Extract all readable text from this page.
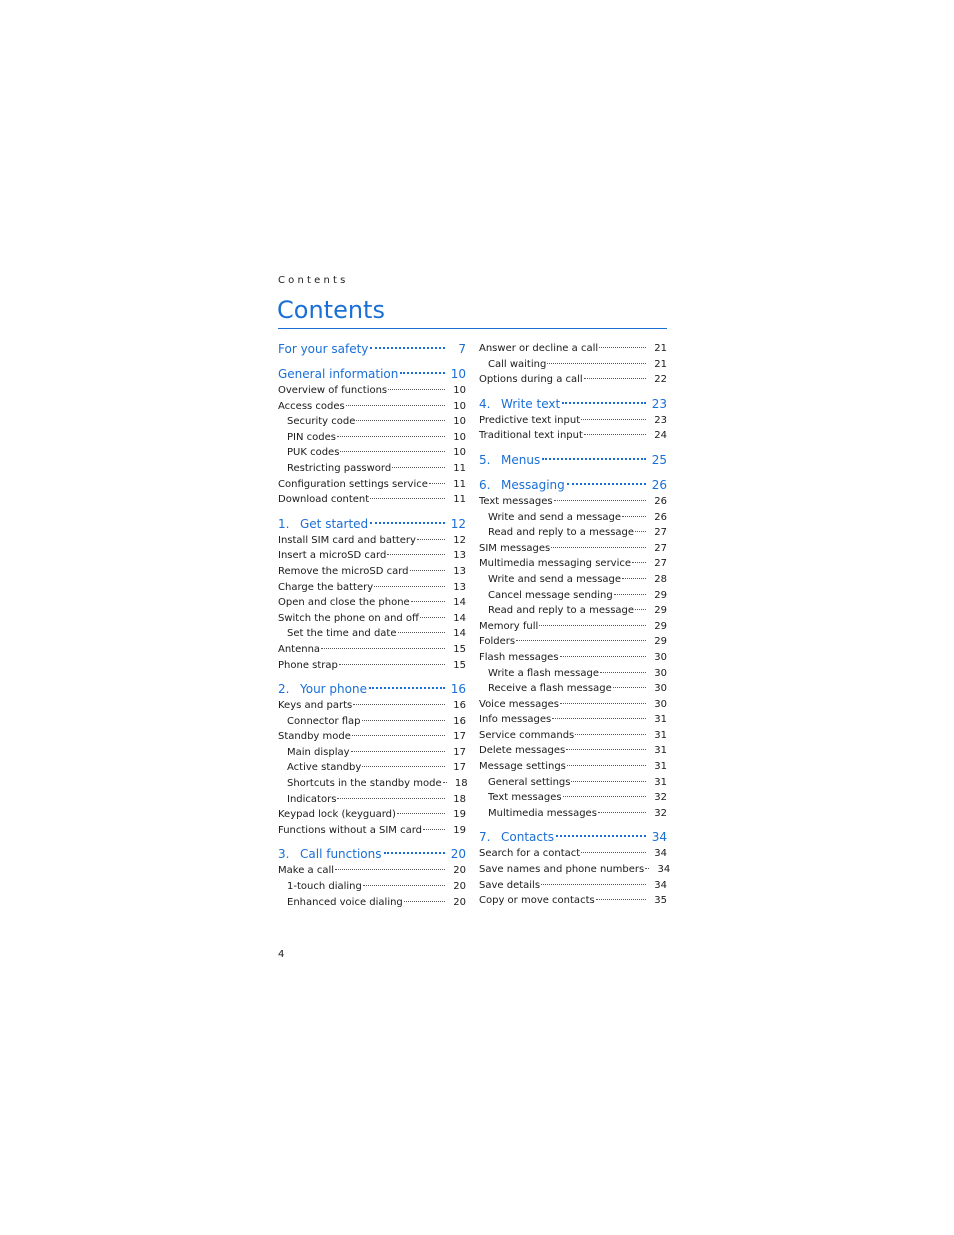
Contents
Contents
For your safety	7
General information	10
Overview of functions	10
Access codes	10
Security code	10
PIN codes	10
PUK codes	10
Restricting password	11
Configuration settings service	11
Download content	11
1. Get started	12
Install SIM card and battery	12
Insert a microSD card	13
Remove the microSD card	13
Charge the battery	13
Open and close the phone	14
Switch the phone on and off	14
Set the time and date	14
Antenna	15
Phone strap	15
2. Your phone	16
Keys and parts	16
Connector flap	16
Standby mode	17
Main display	17
Active standby	17
Shortcuts in the standby mode	18
Indicators	18
Keypad lock (keyguard)	19
Functions without a SIM card	19
3. Call functions	20
Make a call	20
1-touch dialing	20
Enhanced voice dialing	20
Answer or decline a call	21
Call waiting	21
Options during a call	22
4. Write text	23
Predictive text input	23
Traditional text input	24
5. Menus	25
6. Messaging	26
Text messages	26
Write and send a message	26
Read and reply to a message	27
SIM messages	27
Multimedia messaging service	27
Write and send a message	28
Cancel message sending	29
Read and reply to a message	29
Memory full	29
Folders	29
Flash messages	30
Write a flash message	30
Receive a flash message	30
Voice messages	30
Info messages	31
Service commands	31
Delete messages	31
Message settings	31
General settings	31
Text messages	32
Multimedia messages	32
7. Contacts	34
Search for a contact	34
Save names and phone numbers	34
Save details	34
Copy or move contacts	35
4
